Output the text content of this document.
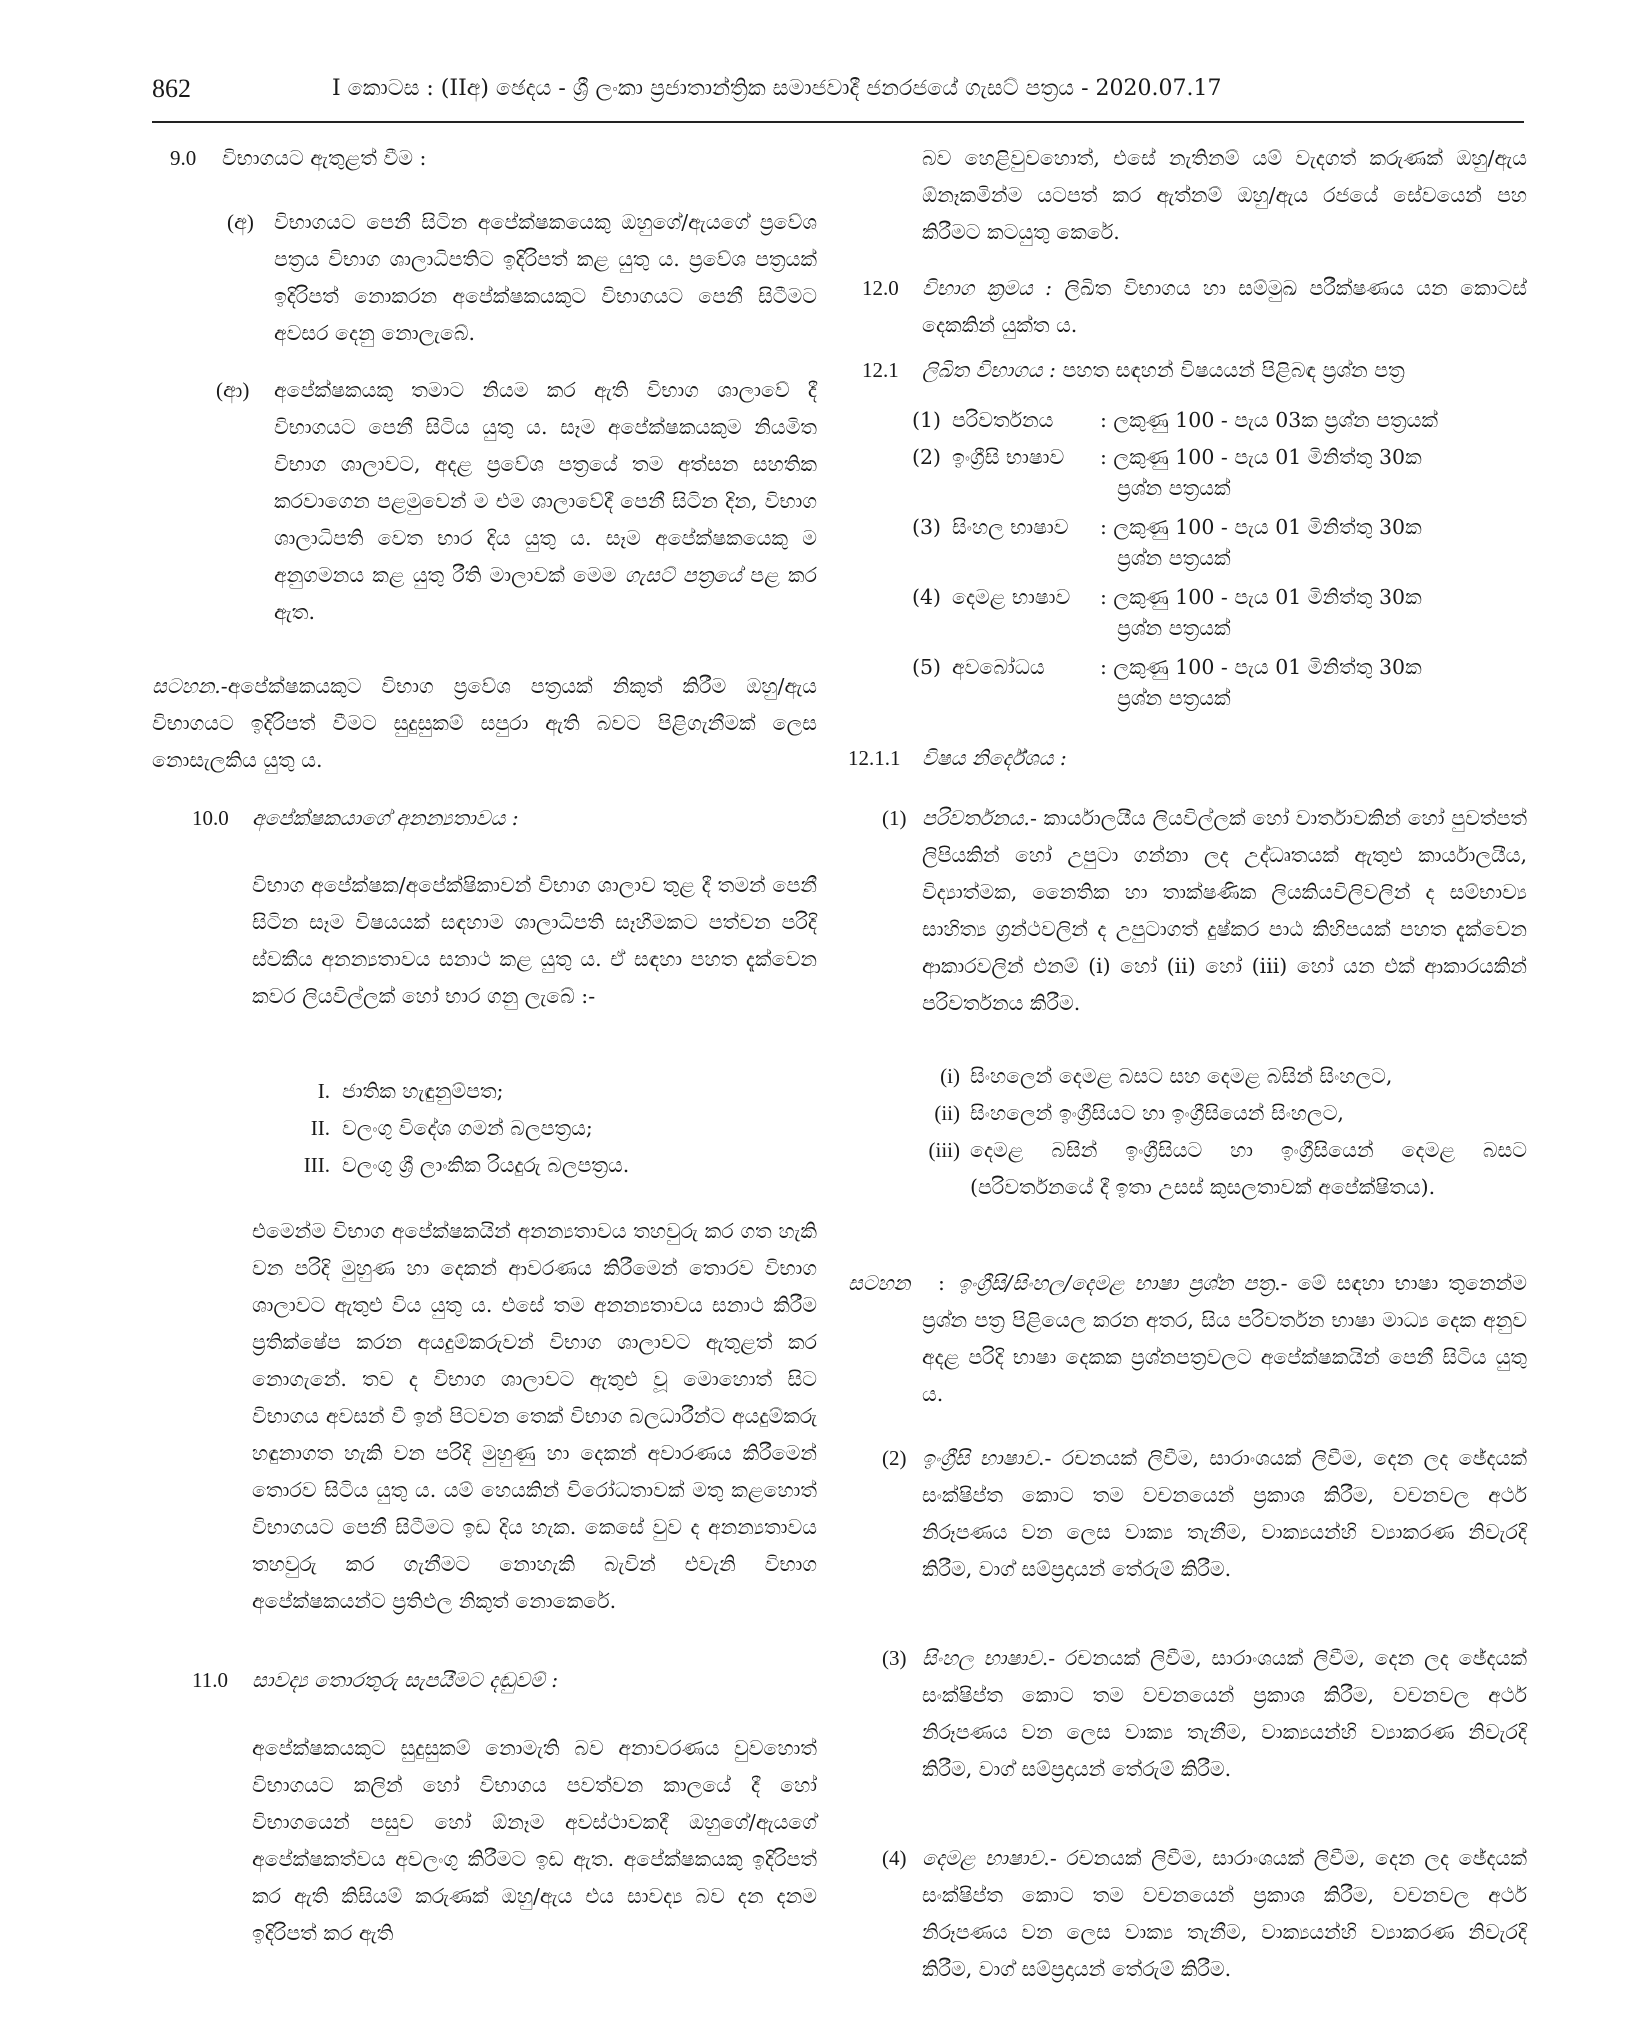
862	I කොටස : (IIඅ) ඡෙදය - ශ්‍රී ලංකා ප්‍රජාතාන්ත්‍රික සමාජවාදී ජනරජයේ ගැසට් පත්‍රය - 2020.07.17
9.0 විභාගයට ඇතුළත් වීම :
(අ) විභාගයට පෙනී සිටින අපේක්ෂකයෙකු ඔහුගේ/ඇයගේ ප්‍රවේශ පත්‍රය විභාග ශාලාධිපතිට ඉදිරිපත් කළ යුතු ය. ප්‍රවේශ පත්‍රයක් ඉදිරිපත් නොකරන අපේක්ෂකයකුට විභාගයට පෙනී සිටීමට අවසර දෙනු නොලැබේ.
(ආ) අපේක්ෂකයකු තමාට නියම කර ඇති විභාග ශාලාවේ දී විභාගයට පෙනී සිටිය යුතු ය. සෑම අපේක්ෂකයකුම නියමිත විභාග ශාලාවට, අදළ ප්‍රවේශ පත්‍රයේ තම අත්සන සහතික කරවාගෙන පළමුවෙන් ම එම ශාලාවේදී පෙනී සිටින දින, විභාග ශාලාධිපති වෙත භාර දිය යුතු ය. සෑම අපේක්ෂකයෙකු ම අනුගමනය කළ යුතු රීති මාලාවක් මෙම ගැසට් පත්‍රයේ පළ කර ඇත.
සටහන.-අපේක්ෂකයකුට විභාග ප්‍රවේශ පත්‍රයක් නිකුත් කිරීම ඔහු/ඇය විභාගයට ඉදිරිපත් වීමට සුදුසුකම් සපුරා ඇති බවට පිළිගැනීමක් ලෙස නොසැලකිය යුතු ය.
10.0 අපේක්ෂකයාගේ අනන්‍යතාවය :
විභාග අපේක්ෂක/අපේක්ෂිකාවන් විභාග ශාලාව තුළ දී තමන් පෙනී සිටින සෑම විෂයයක් සඳහාම ශාලාධිපති සෑහීමකට පත්වන පරිදි ස්වකීය අනන්‍යතාවය සනාථ කළ යුතු ය. ඒ සඳහා පහත දැක්වෙන කවර ලියවිල්ලක් හෝ භාර ගනු ලැබේ :-
I. ජාතික හැඳුනුම්පත;
II. වලංගු විදේශ ගමන් බලපත්‍රය;
III. වලංගු ශ්‍රී ලාංකික රියදුරු බලපත්‍රය.
එමෙන්ම විභාග අපේක්ෂකයින් අනන්‍යතාවය තහවුරු කර ගත හැකි වන පරිදි මුහුණ හා දෙකන් ආවරණය කිරීමෙන් තොරව විභාග ශාලාවට ඇතුළු විය යුතු ය. එසේ තම අනන්‍යතාවය සනාථ කිරීම ප්‍රතික්ෂේප කරන අයදුම්කරුවන් විභාග ශාලාවට ඇතුළත් කර නොගැනේ. තව ද විභාග ශාලාවට ඇතුළු වූ මොහොත් සිට විභාගය අවසන් වී ඉන් පිටවන තෙක් විභාග බලධාරීන්ට අයදුම්කරු හඳුනාගත හැකි වන පරිදි මුහුණු හා දෙකන් අවාරණය කිරීමෙන් තොරව සිටිය යුතු ය. යම් හෙයකින් විරෝධතාවක් මතු කළහොත් විභාගයට පෙනී සිටීමට ඉඩ දිය හැක. කෙසේ වුව ද අනන්‍යතාවය තහවුරු කර ගැනීමට නොහැකි බැවින් එවැනි විභාග අපේක්ෂකයන්ට ප්‍රතිඵල නිකුත් නොකෙරේ.
11.0 සාවද්‍ය තොරතුරු සැපයීමට දඬුවම් :
අපේක්ෂකයකුට සුදුසුකම් නොමැති බව අනාවරණය වුවහොත් විභාගයට කලින් හෝ විභාගය පවත්වන කාලයේ දී හෝ විභාගයෙන් පසුව හෝ ඕනෑම අවස්ථාවකදී ඔහුගේ/ඇයගේ අපේක්ෂකත්වය අවලංගු කිරීමට ඉඩ ඇත. අපේක්ෂකයකු ඉදිරිපත් කර ඇති කිසියම් කරුණක් ඔහු/ඇය එය සාවද්‍ය බව දන දනම ඉදිරිපත් කර ඇති
බව හෙළිවුවහොත්, එසේ නැතිනම් යම් වැදගත් කරුණක් ඔහු/ඇය ඕනෑකමින්ම යටපත් කර ඇත්නම් ඔහු/ඇය රජයේ සේවයෙන් පහ කිරීමට කටයුතු කෙරේ.
12.0 විභාග ක්‍රමය : ලිඛිත විභාගය හා සම්මුඛ පරීක්ෂණය යන කොටස් දෙකකින් යුක්ත ය.
12.1 ලිඛිත විභාගය : පහත සඳහන් විෂයයන් පිළිබඳ ප්‍රශ්න පත්‍ර
(1) පරිවර්තනය : ලකුණු 100 - පැය 03ක ප්‍රශ්න පත්‍රයක්
(2) ඉංග්‍රීසි භාෂාව : ලකුණු 100 - පැය 01 මිනිත්තු 30ක
ප්‍රශ්න පත්‍රයක්
(3) සිංහල භාෂාව : ලකුණු 100 - පැය 01 මිනිත්තු 30ක
ප්‍රශ්න පත්‍රයක්
(4) දෙමළ භාෂාව : ලකුණු 100 - පැය 01 මිනිත්තු 30ක
ප්‍රශ්න පත්‍රයක්
(5) අවබෝධය	: ලකුණු 100 - පැය 01 මිනිත්තු 30ක
ප්‍රශ්න පත්‍රයක්
12.1.1 විෂය නිර්දේශය :
(1) පරිවර්තනය.- කාර්යාලයීය ලියවිල්ලක් හෝ වාර්තාවකින් හෝ පුවත්පත් ලිපියකින් හෝ උපුටා ගන්නා ලද උද්ධෘතයක් ඇතුළු කාර්යාලයීය, විද්‍යාත්මක, නෛතික හා තාක්ෂණික ලියකියවිලිවලින් ද සම්භාව්‍ය සාහිත්‍ය ග්‍රන්ථවලින් ද උපුටාගත් දුෂ්කර පාඨ කිහිපයක් පහත දැක්වෙන ආකාරවලින් එනම් (i) හෝ (ii) හෝ (iii) හෝ යන එක් ආකාරයකින් පරිවර්තනය කිරීම.
(i) සිංහලෙන් දෙමළ බසට සහ දෙමළ බසින් සිංහලට,
(ii) සිංහලෙන් ඉංග්‍රීසියට හා ඉංග්‍රීසියෙන් සිංහලට,
(iii) දෙමළ බසින් ඉංග්‍රීසියට හා ඉංග්‍රීසියෙන් දෙමළ බසට (පරිවර්තනයේ දී ඉතා උසස් කුසලතාවක් අපේක්ෂිතය).
සටහන : ඉංග්‍රීසි/සිංහල/දෙමළ භාෂා ප්‍රශ්න පත්‍ර.- මේ සඳහා භාෂා තුනෙන්ම ප්‍රශ්න පත්‍ර පිළියෙල කරන අතර, සිය පරිවර්තන භාෂා මාධ්‍ය දෙක අනුව අදළ පරිදි භාෂා දෙකක ප්‍රශ්නපත්‍රවලට අපේක්ෂකයින් පෙනී සිටිය යුතු ය.
(2) ඉංග්‍රීසි භාෂාව.- රචනයක් ලිවීම, සාරාංශයක් ලිවීම, දෙන ලද ඡේදයක් සංක්ෂිප්ත කොට තම වචනයෙන් ප්‍රකාශ කිරීම, වචනවල අර්ථ නිරූපණය වන ලෙස වාක්‍ය තැනීම, වාක්‍යයන්හි ව්‍යාකරණ නිවැරදි කිරීම, වාග් සම්ප්‍රදායන් තේරුම් කිරීම.
(3) සිංහල භාෂාව.- රචනයක් ලිවීම, සාරාංශයක් ලිවීම, දෙන ලද ඡේදයක් සංක්ෂිප්ත කොට තම වචනයෙන් ප්‍රකාශ කිරීම, වචනවල අර්ථ නිරූපණය වන ලෙස වාක්‍ය තැනීම, වාක්‍යයන්හි ව්‍යාකරණ නිවැරදි කිරීම, වාග් සම්ප්‍රදායන් තේරුම් කිරීම.
(4) දෙමළ භාෂාව.- රචනයක් ලිවීම, සාරාංශයක් ලිවීම, දෙන ලද ඡේදයක් සංක්ෂිප්ත කොට තම වචනයෙන් ප්‍රකාශ කිරීම, වචනවල අර්ථ නිරූපණය වන ලෙස වාක්‍ය තැනීම, වාක්‍යයන්හි ව්‍යාකරණ නිවැරදි කිරීම, වාග් සම්ප්‍රදායන් තේරුම් කිරීම.
